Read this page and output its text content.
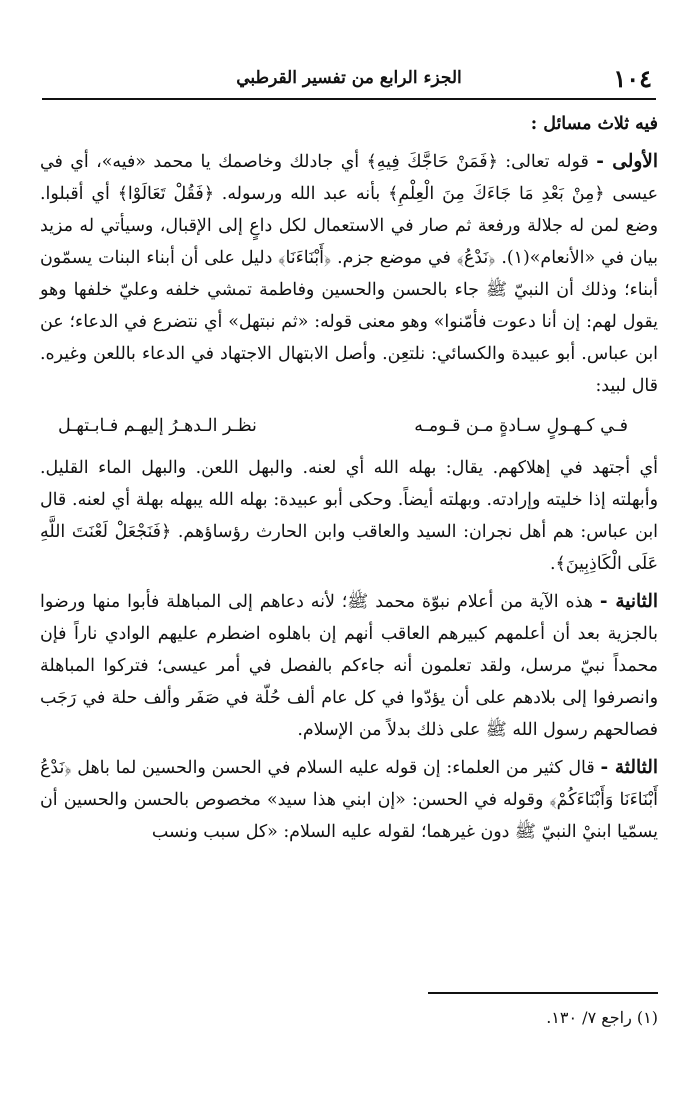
١٠٤
الجزء الرابع من تفسير القرطبي

فيه ثلاث مسائل :

الأولى - قوله تعالى: ﴿فَمَنْ حَاجَّكَ فِيهِ﴾ أي جادلك وخاصمك يا محمد «فيه»، أي في عيسى ﴿مِنْ بَعْدِ مَا جَاءَكَ مِنَ الْعِلْمِ﴾ بأنه عبد الله ورسوله. ﴿فَقُلْ تَعَالَوْا﴾ أي أقبلوا. وضع لمن له جلالة ورفعة ثم صار في الاستعمال لكل داعٍ إلى الإقبال، وسيأتي له مزيد بيان في «الأنعام»(١). ﴿نَدْعُ﴾ في موضع جزم. ﴿أَبْنَاءَنَا﴾ دليل على أن أبناء البنات يسمّون أبناء؛ وذلك أن النبيّ ﷺ جاء بالحسن والحسين وفاطمة تمشي خلفه وعليّ خلفها وهو يقول لهم: إن أنا دعوت فأمّنوا» وهو معنى قوله: «ثم نبتهل» أي نتضرع في الدعاء؛ عن ابن عباس. أبو عبيدة والكسائي: نلتعِن. وأصل الابتهال الاجتهاد في الدعاء باللعن وغيره. قال لبيد:

فـي كـهـولٍ سـادةٍ مـن قـومـه
نظـر الـدهـرُ إليهـم فـابـتهـل

أي أجتهد في إهلاكهم. يقال: بهله الله أي لعنه. والبهل اللعن. والبهل الماء القليل. وأبهلته إذا خليته وإرادته. وبهلته أيضاً. وحكى أبو عبيدة: بهله الله يبهله بهلة أي لعنه. قال ابن عباس: هم أهل نجران: السيد والعاقب وابن الحارث رؤساؤهم. ﴿فَنَجْعَلْ لَعْنَتَ اللَّهِ عَلَى الْكَاذِبِينَ﴾.

الثانية - هذه الآية من أعلام نبوّة محمد ﷺ؛ لأنه دعاهم إلى المباهلة فأبوا منها ورضوا بالجزية بعد أن أعلمهم كبيرهم العاقب أنهم إن باهلوه اضطرم عليهم الوادي ناراً فإن محمداً نبيّ مرسل، ولقد تعلمون أنه جاءكم بالفصل في أمر عيسى؛ فتركوا المباهلة وانصرفوا إلى بلادهم على أن يؤدّوا في كل عام ألف حُلّة في صَفَر وألف حلة في رَجَب فصالحهم رسول الله ﷺ على ذلك بدلاً من الإسلام.

الثالثة - قال كثير من العلماء: إن قوله عليه السلام في الحسن والحسين لما باهل ﴿نَدْعُ أَبْنَاءَنَا وَأَبْنَاءَكُمْ﴾ وقوله في الحسن: «إن ابني هذا سيد» مخصوص بالحسن والحسين أن يسمّيا ابنيْ النبيّ ﷺ دون غيرهما؛ لقوله عليه السلام: «كل سبب ونسب

(١) راجع ٧/ ١٣٠.
